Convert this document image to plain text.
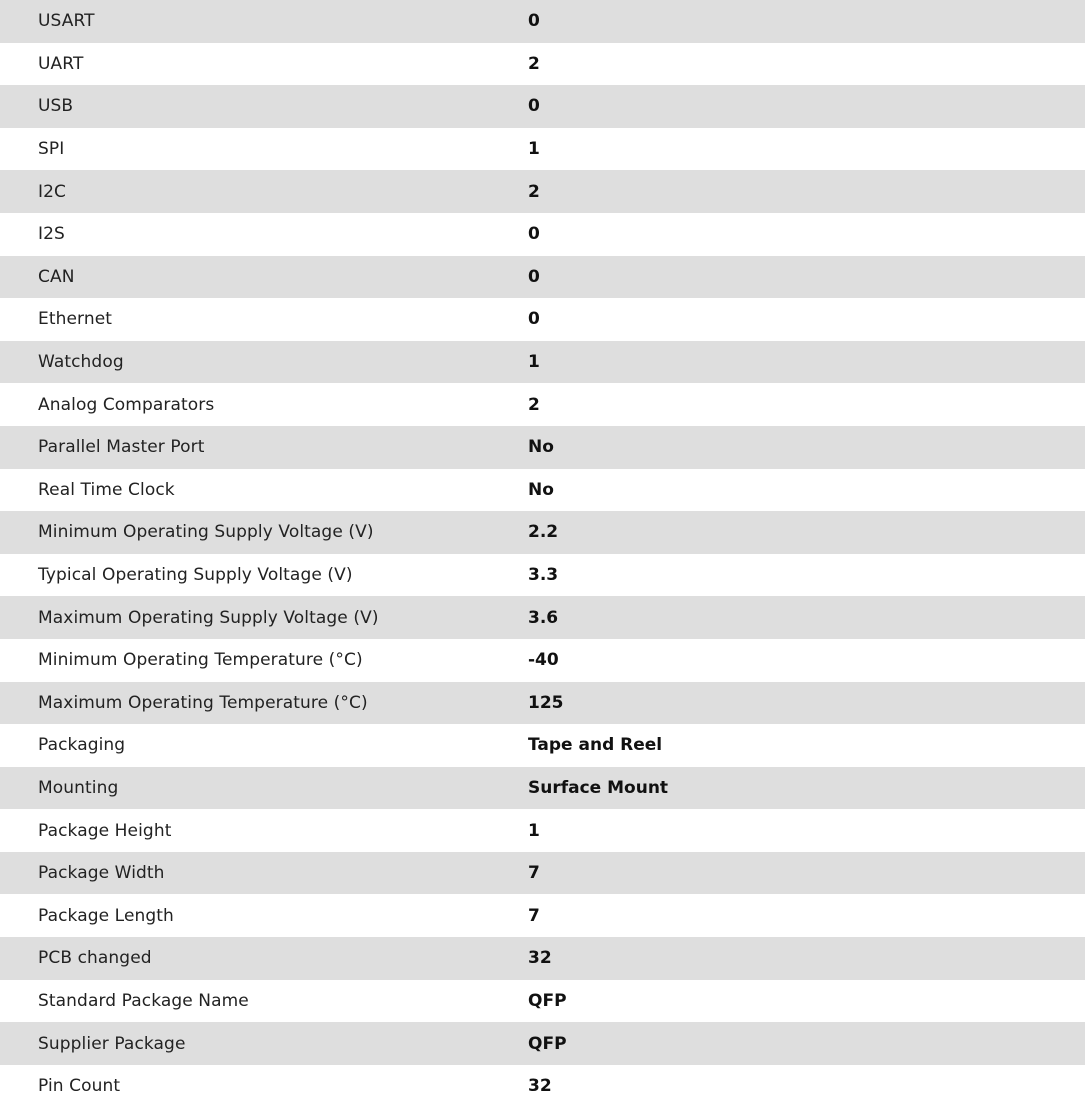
USART	0
UART	2
USB	0
SPI	1
I2C	2
I2S	0
CAN	0
Ethernet	0
Watchdog	1
Analog Comparators	2
Parallel Master Port	No
Real Time Clock	No
Minimum Operating Supply Voltage (V)	2.2
Typical Operating Supply Voltage (V)	3.3
Maximum Operating Supply Voltage (V)	3.6
Minimum Operating Temperature (°C)	-40
Maximum Operating Temperature (°C)	125
Packaging	Tape and Reel
Mounting	Surface Mount
Package Height	1
Package Width	7
Package Length	7
PCB changed	32
Standard Package Name	QFP
Supplier Package	QFP
Pin Count	32
